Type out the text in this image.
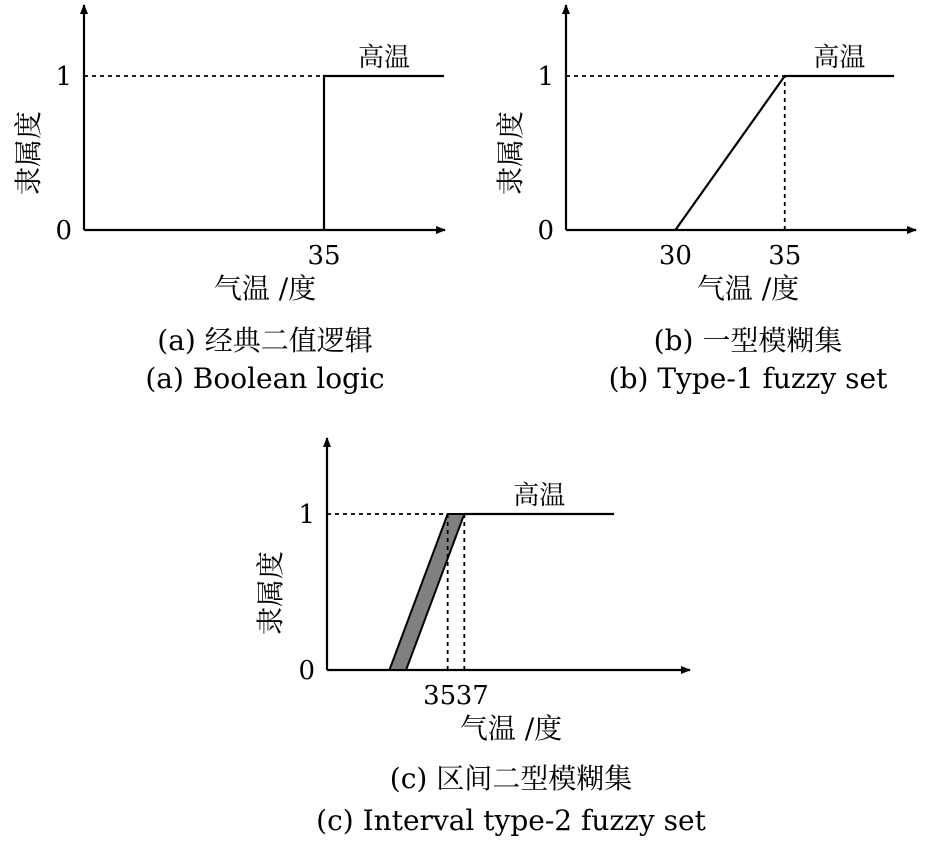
高温
0
1
35
隶属度
气温 /度
(a) 经典二值逻辑
(a) Boolean logic
高温
0
1
30	35
隶属度
气温 /度
(b) 一型模糊集
(b) Type-1 fuzzy set
高温
0
1
35 37
隶属度
气温 /度
(c) 区间二型模糊集
(c) Interval type-2 fuzzy set
